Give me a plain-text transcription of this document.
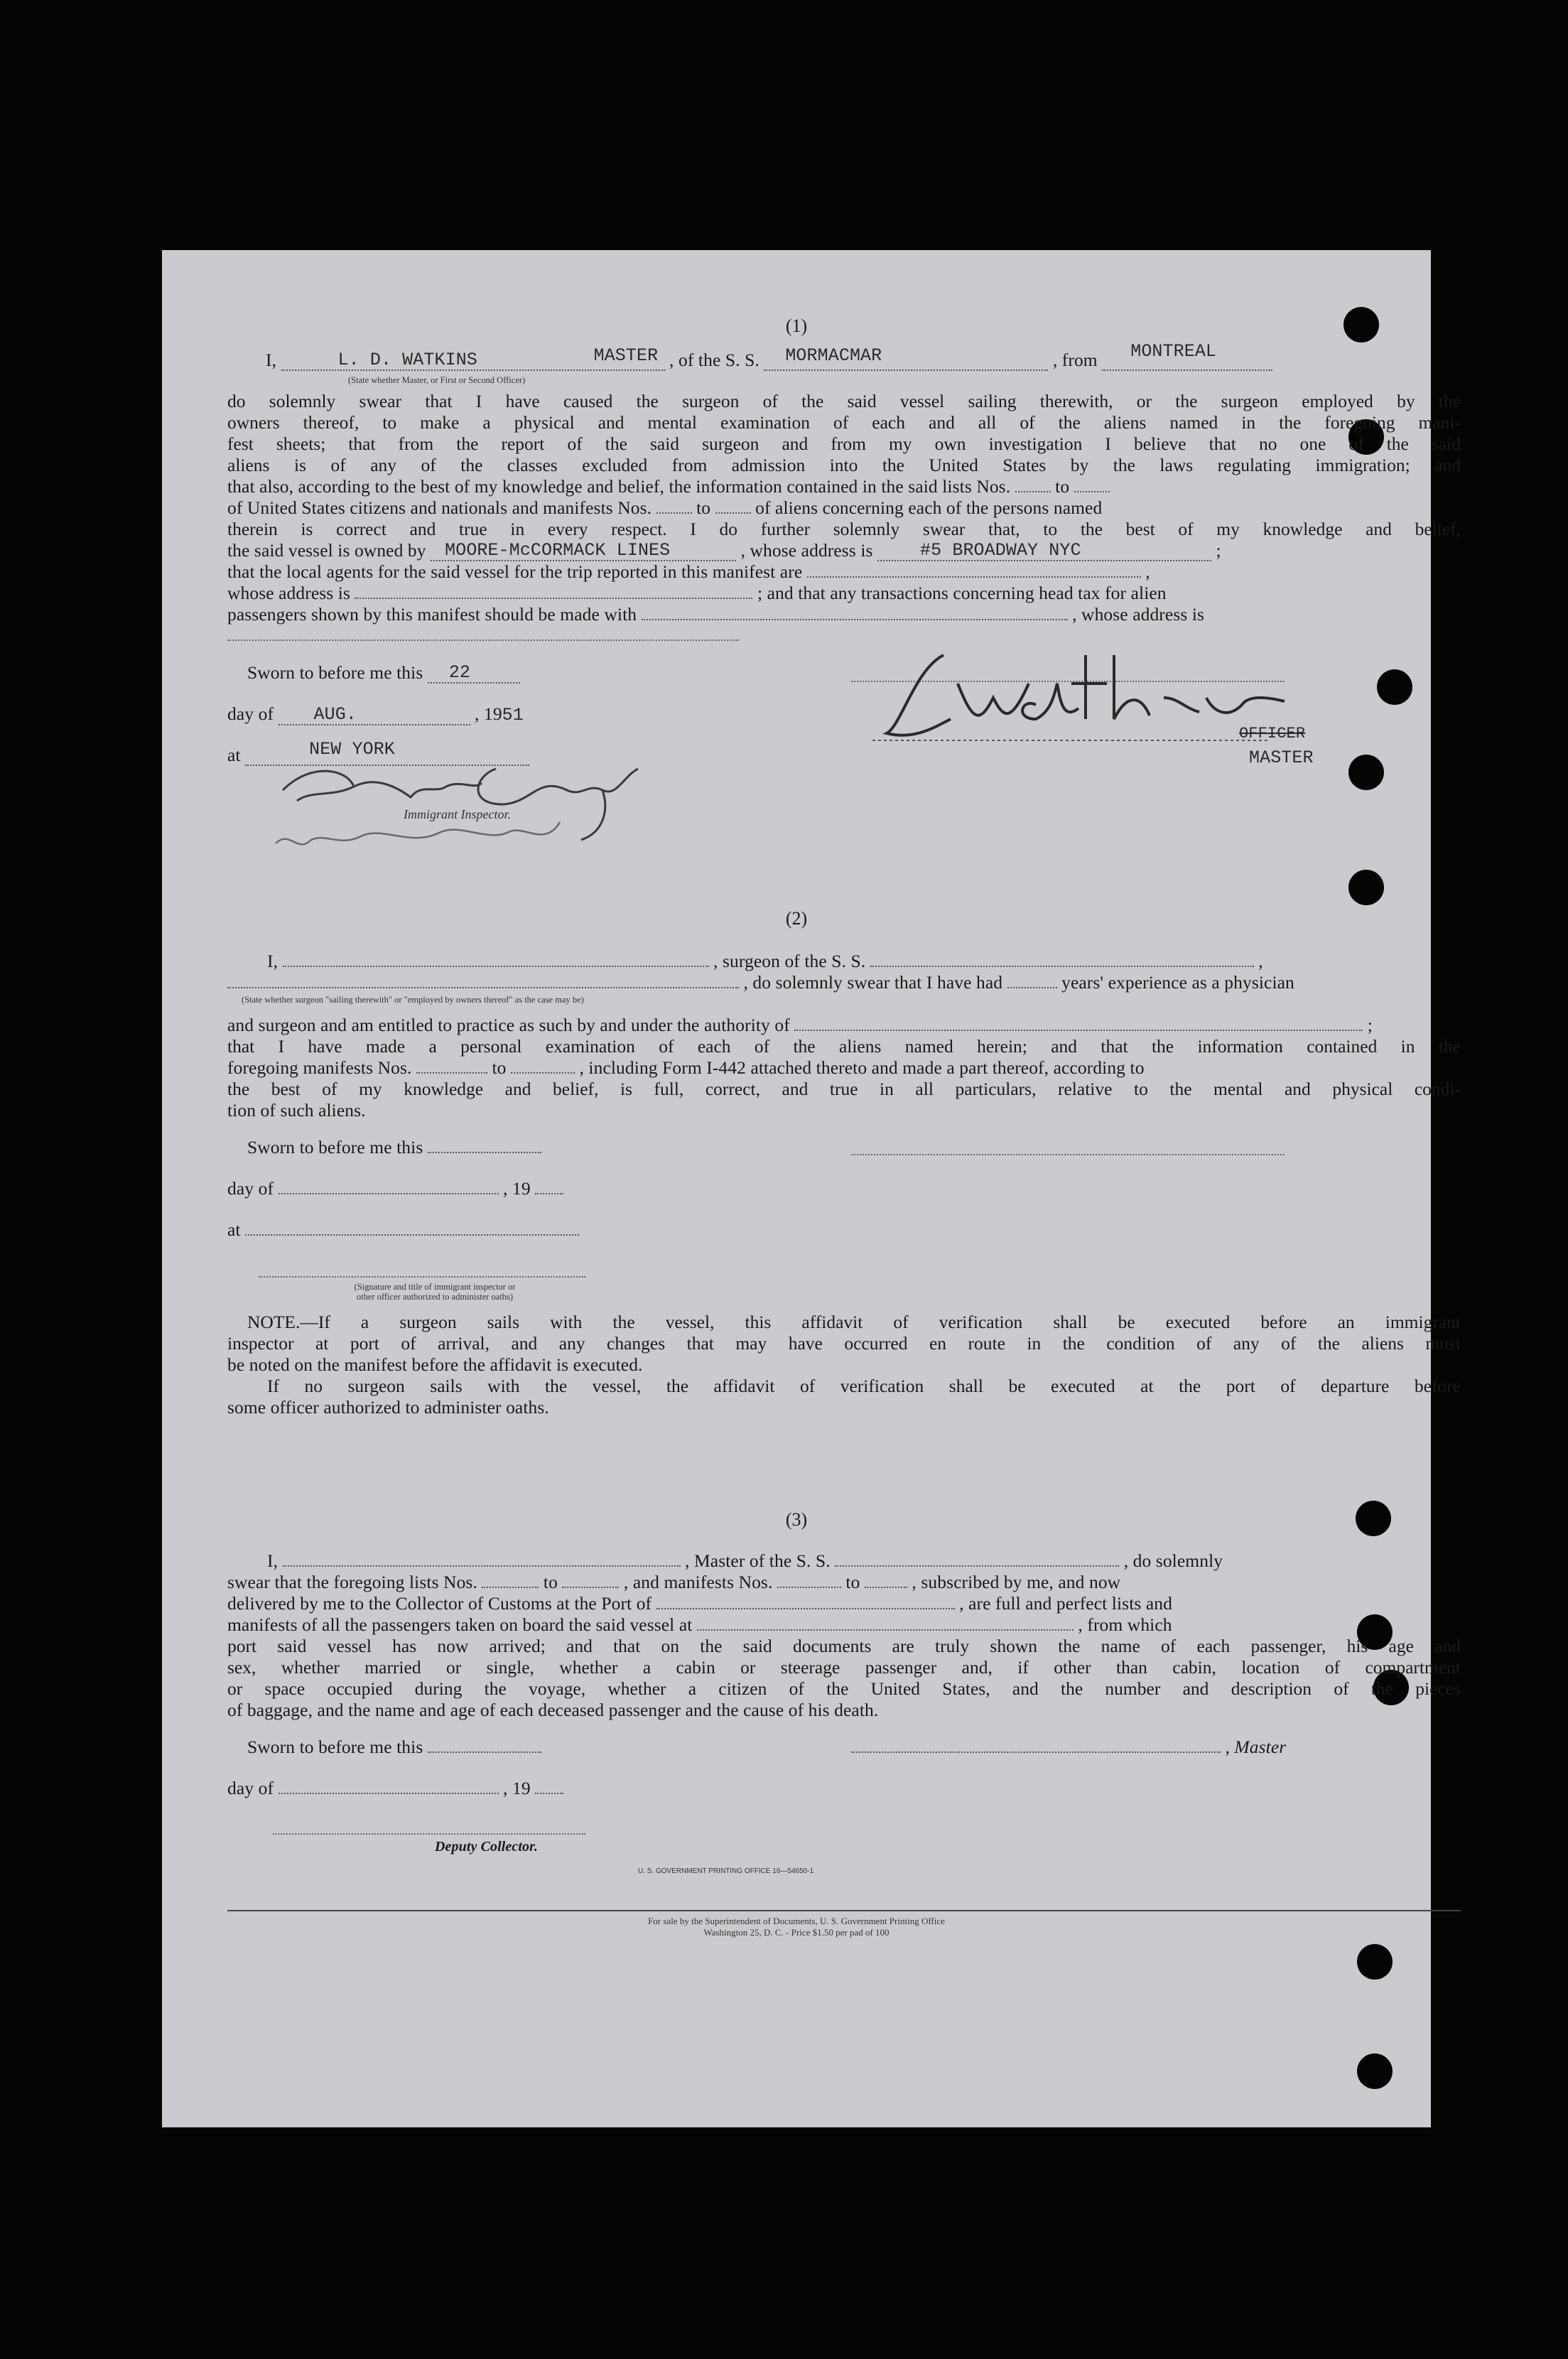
(1)
I,	L. D. WATKINS	MASTER , of the S. S. MORMACMAR	, from MONTREAL
(State whether Master, or First or Second Officer)
do solemnly swear that I have caused the surgeon of the said vessel sailing therewith, or the surgeon employed by the
owners thereof, to make a physical and mental examination of each and all of the aliens named in the foregoing mani-
fest sheets; that from the report of the said surgeon and from my own investigation I believe that no one of the said
aliens is of any of the classes excluded from admission into the United States by the laws regulating immigration; and
that also, according to the best of my knowledge and belief, the information contained in the said lists Nos. to
of United States citizens and nationals and manifests Nos. to of aliens concerning each of the persons named
therein is correct and true in every respect. I do further solemnly swear that, to the best of my knowledge and belief,
the said vessel is owned by MOORE-McCORMACK LINES	, whose address is	#5 BROADWAY NYC	;
that the local agents for the said vessel for the trip reported in this manifest are	,
whose address is	; and that any transactions concerning head tax for alien
passengers shown by this manifest should be made with	, whose address is
Sworn to before me this 22
day of AUG.	, 1951
at	NEW YORK
Immigrant Inspector.
OFFICER
MASTER
(2)
I,	, surgeon of the S. S.	,
, do solemnly swear that I have had	years' experience as a physician
(State whether surgeon "sailing therewith" or "employed by owners thereof" as the case may be)
and surgeon and am entitled to practice as such by and under the authority of	;
that I have made a personal examination of each of the aliens named herein; and that the information contained in the
foregoing manifests Nos.	to	, including Form I-442 attached thereto and made a part thereof, according to
the best of my knowledge and belief, is full, correct, and true in all particulars, relative to the mental and physical condi-
tion of such aliens.
Sworn to before me this
day of	, 19
at
(Signature and title of immigrant inspector or
other officer authorized to administer oaths)
NOTE.—If a surgeon sails with the vessel, this affidavit of verification shall be executed before an immigrant
inspector at port of arrival, and any changes that may have occurred en route in the condition of any of the aliens must
be noted on the manifest before the affidavit is executed.
If no surgeon sails with the vessel, the affidavit of verification shall be executed at the port of departure before
some officer authorized to administer oaths.
(3)
I,	, Master of the S. S.	, do solemnly
swear that the foregoing lists Nos.	to	, and manifests Nos.	to	, subscribed by me, and now
delivered by me to the Collector of Customs at the Port of	, are full and perfect lists and
manifests of all the passengers taken on board the said vessel at	, from which
port said vessel has now arrived; and that on the said documents are truly shown the name of each passenger, his age and
sex, whether married or single, whether a cabin or steerage passenger and, if other than cabin, location of compartment
or space occupied during the voyage, whether a citizen of the United States, and the number and description of the pieces
of baggage, and the name and age of each deceased passenger and the cause of his death.
Sworn to before me this	, Master
day of	, 19
Deputy Collector.
U. S. GOVERNMENT PRINTING OFFICE 16—54650-1
For sale by the Superintendent of Documents, U. S. Government Printing Office
Washington 25, D. C. - Price $1.50 per pad of 100
